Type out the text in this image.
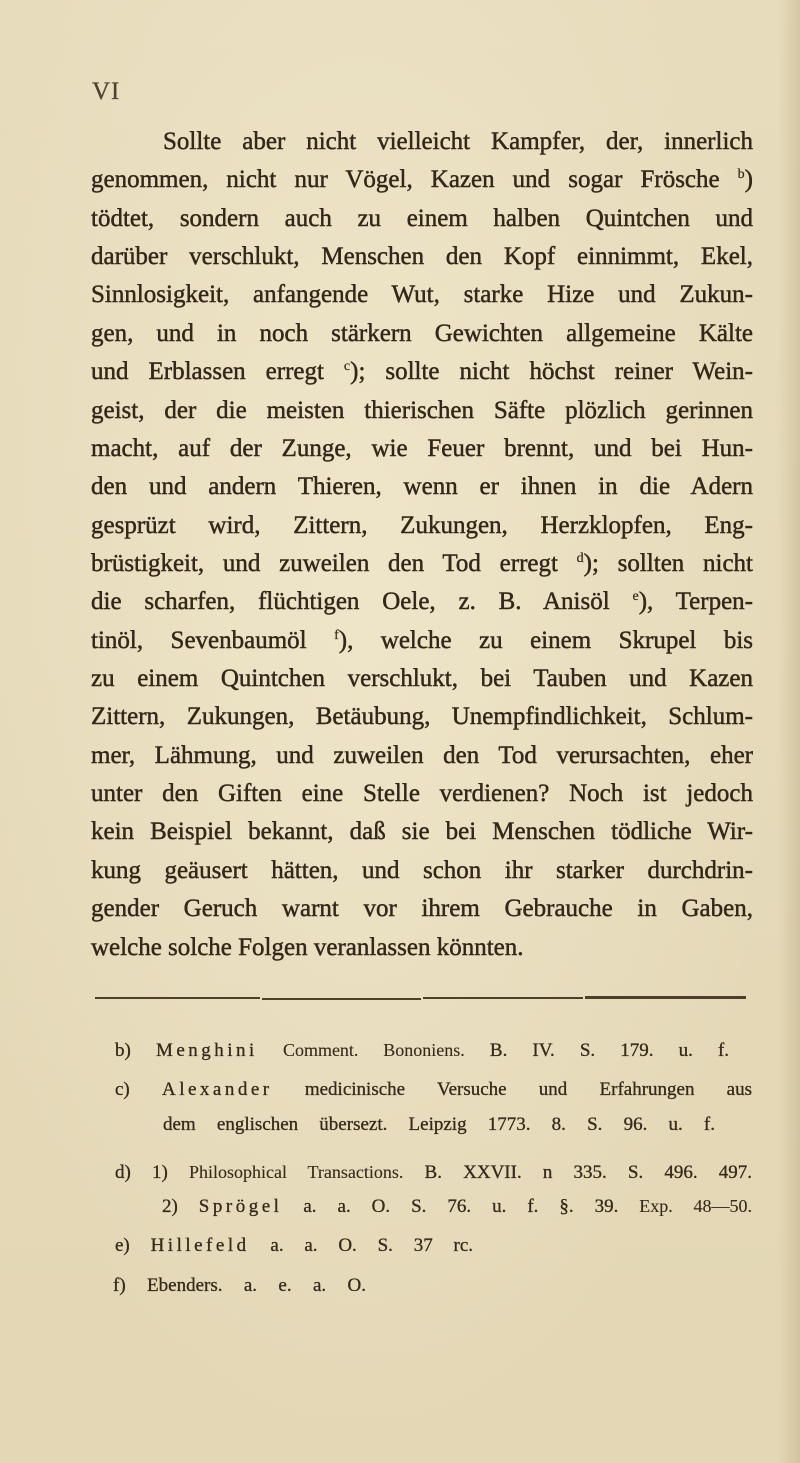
VI
Sollte aber nicht vielleicht Kampfer, der, innerlich
genommen, nicht nur Vögel, Kazen und sogar Frösche $^b$)
tödtet, sondern auch zu einem halben Quintchen und
darüber verschlukt, Menschen den Kopf einnimmt, Ekel,
Sinnlosigkeit, anfangende Wut, starke Hize und Zukun-
gen, und in noch stärkern Gewichten allgemeine Kälte
und Erblassen erregt $^c$); sollte nicht höchst reiner Wein-
geist, der die meisten thierischen Säfte plözlich gerinnen
macht, auf der Zunge, wie Feuer brennt, und bei Hun-
den und andern Thieren, wenn er ihnen in die Adern
gesprüzt wird, Zittern, Zukungen, Herzklopfen, Eng-
brüstigkeit, und zuweilen den Tod erregt $^d$); sollten nicht
die scharfen, flüchtigen Oele, z. B. Anisöl $^e$), Terpen-
tinöl, Sevenbaumöl $^f$), welche zu einem Skrupel bis
zu einem Quintchen verschlukt, bei Tauben und Kazen
Zittern, Zukungen, Betäubung, Unempfindlichkeit, Schlum-
mer, Lähmung, und zuweilen den Tod verursachten, eher
unter den Giften eine Stelle verdienen? Noch ist jedoch
kein Beispiel bekannt, daß sie bei Menschen tödliche Wir-
kung geäusert hätten, und schon ihr starker durchdrin-
gender Geruch warnt vor ihrem Gebrauche in Gaben,
welche solche Folgen veranlassen könnten.
b) Menghini Comment. Bononiens. B. IV. S. 179. u. f.
c) Alexander medicinische Versuche und Erfahrungen aus
dem englischen übersezt. Leipzig 1773. 8. S. 96. u. f.
d) 1) Philosophical Transactions. B. XXVII. n 335. S. 496. 497.
2) Sprögel a. a. O. S. 76. u. f. §. 39. Exp. 48—50.
e) Hillefeld a. a. O. S. 37 rc.
f) Ebenders. a. e. a. O.
